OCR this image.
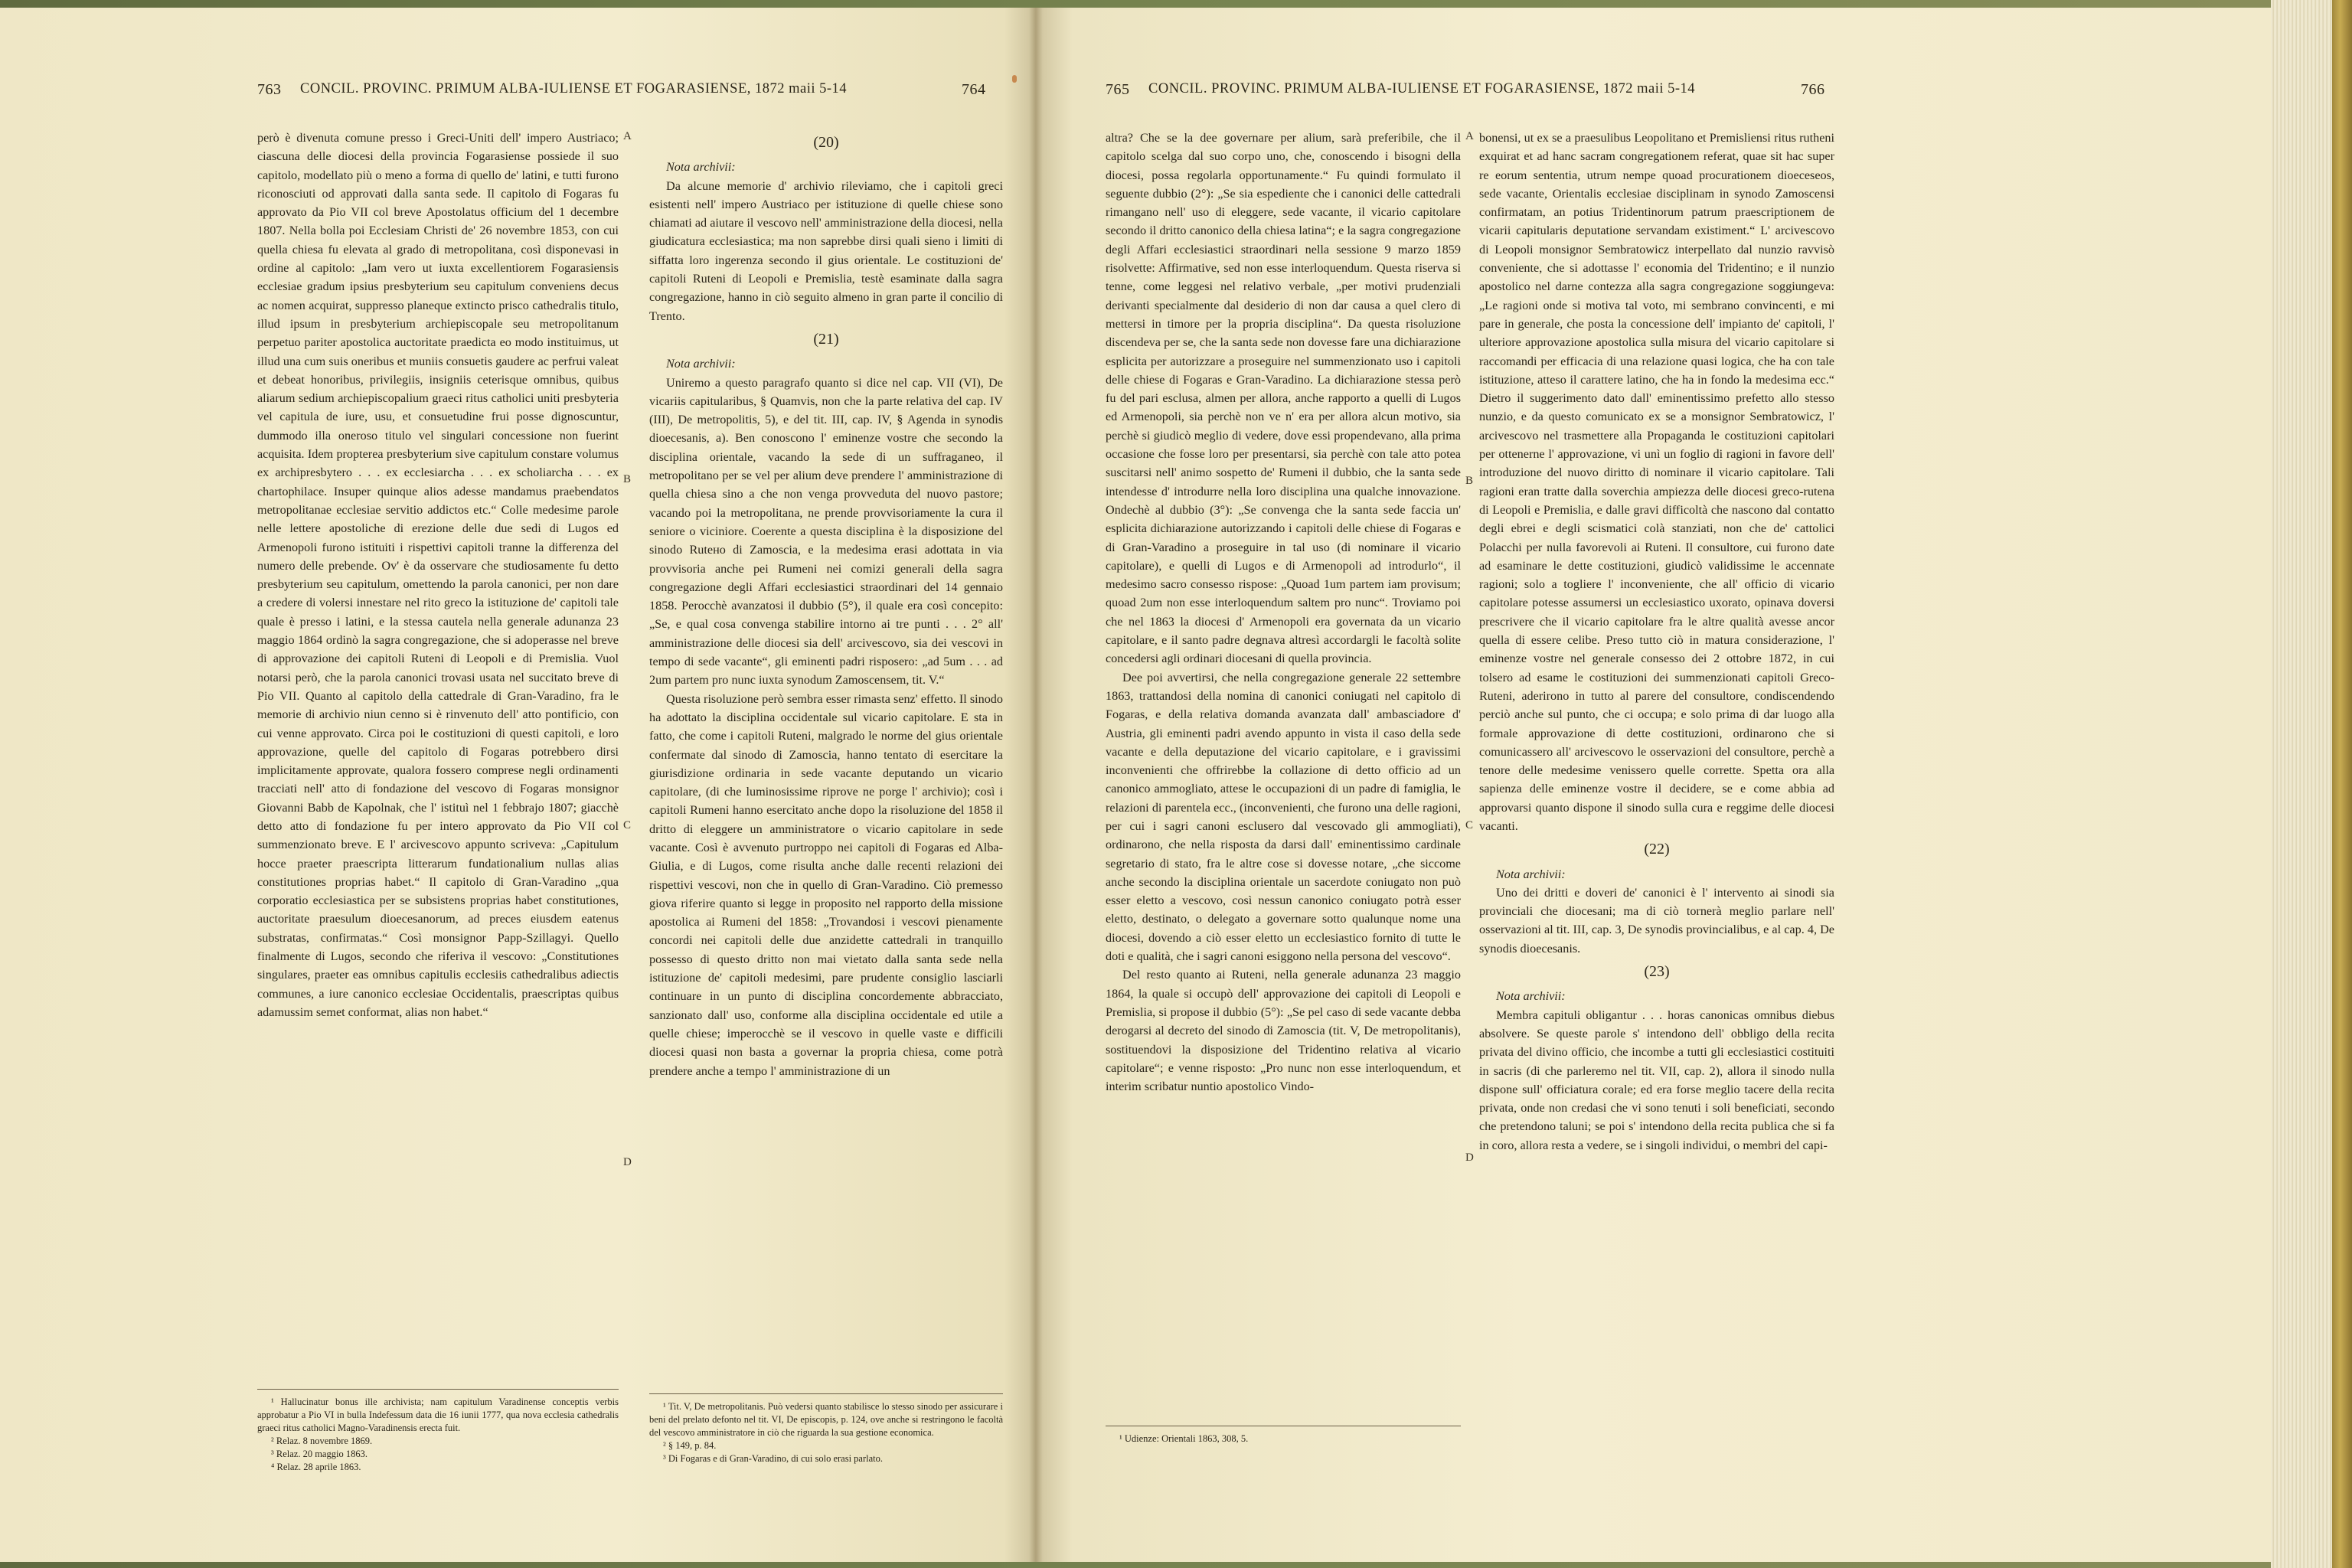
763 CONCIL. PROVINC. PRIMUM ALBA-IULIENSE ET FOGARASIENSE, 1872 maii 5-14	764

però è divenuta comune presso i Greci-Uniti dell' impero Austriaco; ciascuna delle diocesi della provincia Fogarasiense possiede il suo capitolo, modellato più o meno a forma di quello de' latini, e tutti furono riconosciuti od approvati dalla santa sede. Il capitolo di Fogaras fu approvato da Pio VII col breve Apostolatus officium del 1 decembre 1807. Nella bolla poi Ecclesiam Christi de' 26 novembre 1853, con cui quella chiesa fu elevata al grado di metropolitana, così disponevasi in ordine al capitolo: „Iam vero ut iuxta excellentiorem Fogarasiensis ecclesiae gradum ipsius presbyterium seu capitulum conveniens decus ac nomen acquirat, suppresso planeque extincto prisco cathedralis titulo, illud ipsum in presbyterium archiepiscopale seu metropolitanum perpetuo pariter apostolica auctoritate praedicta eo modo instituimus, ut illud una cum suis oneribus et muniis consuetis gaudere ac perfrui valeat et debeat honoribus, privilegiis, insigniis ceterisque omnibus, quibus aliarum sedium archiepiscopalium graeci ritus catholici uniti presbyteria vel capitula de iure, usu, et consuetudine frui posse dignoscuntur, dummodo illa oneroso titulo vel singulari concessione non fuerint acquisita. Idem propterea presbyterium sive capitulum constare volumus ex archipresbytero . . . ex ecclesiarcha . . . ex scholiarcha . . . ex chartophilace. Insuper quinque alios adesse mandamus praebendatos metropolitanae ecclesiae servitio addictos etc.“ Colle medesime parole nelle lettere apostoliche di erezione delle due sedi di Lugos ed Armenopoli furono istituiti i rispettivi capitoli tranne la differenza del numero delle prebende. Ov' è da osservare che studiosamente fu detto presbyterium seu capitulum, omettendo la parola canonici, per non dare a credere di volersi innestare nel rito greco la istituzione de' capitoli tale quale è presso i latini, e la stessa cautela nella generale adunanza 23 maggio 1864 ordinò la sagra congregazione, che si adoperasse nel breve di approvazione dei capitoli Ruteni di Leopoli e di Premislia. Vuol notarsi però, che la parola canonici trovasi usata nel succitato breve di Pio VII. Quanto al capitolo della cattedrale di Gran-Varadino, fra le memorie di archivio niun cenno si è rinvenuto dell' atto pontificio, con cui venne approvato. Circa poi le costituzioni di questi capitoli, e loro approvazione, quelle del capitolo di Fogaras potrebbero dirsi implicitamente approvate, qualora fossero comprese negli ordinamenti tracciati nell' atto di fondazione del vescovo di Fogaras monsignor Giovanni Babb de Kapolnak, che l' istituì nel 1 febbrajo 1807; giacchè detto atto di fondazione fu per intero approvato da Pio VII col summenzionato breve. E l' arcivescovo appunto scriveva: „Capitulum hocce praeter praescripta litterarum fundationalium nullas alias constitutiones proprias habet.“ Il capitolo di Gran-Varadino „qua corporatio ecclesiastica per se subsistens proprias habet constitutiones, auctoritate praesulum dioecesanorum, ad preces eiusdem eatenus substratas, confirmatas.“ Così monsignor Papp-Szillagyi. Quello finalmente di Lugos, secondo che riferiva il vescovo: „Constitutiones singulares, praeter eas omnibus capitulis ecclesiis cathedralibus adiectis communes, a iure canonico ecclesiae Occidentalis, praescriptas quibus adamussim semet conformat, alias non habet.“

¹ Hallucinatur bonus ille archivista; nam capitulum Varadinense conceptis verbis approbatur a Pio VI in bulla Indefessum data die 16 iunii 1777, qua nova ecclesia cathedralis graeci ritus catholici Magno-Varadinensis erecta fuit.

² Relaz. 8 novembre 1869.

³ Relaz. 20 maggio 1863.

⁴ Relaz. 28 aprile 1863.

(20)

Nota archivii:

Da alcune memorie d' archivio rileviamo, che i capitoli greci esistenti nell' impero Austriaco per istituzione di quelle chiese sono chiamati ad aiutare il vescovo nell' amministrazione della diocesi, nella giudicatura ecclesiastica; ma non saprebbe dirsi quali sieno i limiti di siffatta loro ingerenza secondo il gius orientale. Le costituzioni de' capitoli Ruteni di Leopoli e Premislia, testè esaminate dalla sagra congregazione, hanno in ciò seguito almeno in gran parte il concilio di Trento.

(21)

Nota archivii:

Uniremo a questo paragrafo quanto si dice nel cap. VII (VI), De vicariis capitularibus, § Quamvis, non che la parte relativa del cap. IV (III), De metropolitis, 5), e del tit. III, cap. IV, § Agenda in synodis dioecesanis, a). Ben conoscono l' eminenze vostre che secondo la disciplina orientale, vacando la sede di un suffraganeo, il metropolitano per se vel per alium deve prendere l' amministrazione di quella chiesa sino a che non venga provveduta del nuovo pastore; vacando poi la metropolitana, ne prende provvisoriamente la cura il seniore o viciniore. Coerente a questa disciplina è la disposizione del sinodo Rutено di Zamoscia, e la medesima erasi adottata in via provvisoria anche pei Rumeni nei comizi generali della sagra congregazione degli Affari ecclesiastici straordinari del 14 gennaio 1858. Perocchè avanzatosi il dubbio (5°), il quale era così concepito: „Se, e qual cosa convenga stabilire intorno ai tre punti . . . 2° all' amministrazione delle diocesi sia dell' arcivescovo, sia dei vescovi in tempo di sede vacante“, gli eminenti padri risposero: „ad 5um . . . ad 2um partem pro nunc iuxta synodum Zamoscensem, tit. V.“

Questa risoluzione però sembra esser rimasta senz' effetto. Il sinodo ha adottato la disciplina occidentale sul vicario capitolare. E sta in fatto, che come i capitoli Ruteni, malgrado le norme del gius orientale confermate dal sinodo di Zamoscia, hanno tentato di esercitare la giurisdizione ordinaria in sede vacante deputando un vicario capitolare, (di che luminosissime riprove ne porge l' archivio); così i capitoli Rumeni hanno esercitato anche dopo la risoluzione del 1858 il dritto di eleggere un amministratore o vicario capitolare in sede vacante. Così è avvenuto purtroppo nei capitoli di Fogaras ed Alba-Giulia, e di Lugos, come risulta anche dalle recenti relazioni dei rispettivi vescovi, non che in quello di Gran-Varadino. Ciò premesso giova riferire quanto si legge in proposito nel rapporto della missione apostolica ai Rumeni del 1858: „Trovandosi i vescovi pienamente concordi nei capitoli delle due anzidette cattedrali in tranquillo possesso di questo dritto non mai vietato dalla santa sede nella istituzione de' capitoli medesimi, pare prudente consiglio lasciarli continuare in un punto di disciplina concordemente abbracciato, sanzionato dall' uso, conforme alla disciplina occidentale ed utile a quelle chiese; imperocchè se il vescovo in quelle vaste e difficili diocesi quasi non basta a governar la propria chiesa, come potrà prendere anche a tempo l' amministrazione di un

¹ Tit. V, De metropolitanis. Può vedersi quanto stabilisce lo stesso sinodo per assicurare i beni del prelato defonto nel tit. VI, De episcopis, p. 124, ove anche si restringono le facoltà del vescovo amministratore in ciò che riguarda la sua gestione economica.

² § 149, p. 84.

³ Di Fogaras e di Gran-Varadino, di cui solo erasi parlato.

A
B
C
D
765 CONCIL. PROVINC. PRIMUM ALBA-IULIENSE ET FOGARASIENSE, 1872 maii 5-14	766

altra? Che se la dee governare per alium, sarà preferibile, che il capitolo scelga dal suo corpo uno, che, conoscendo i bisogni della diocesi, possa regolarla opportunamente.“ Fu quindi formulato il seguente dubbio (2°): „Se sia espediente che i canonici delle cattedrali rimangano nell' uso di eleggere, sede vacante, il vicario capitolare secondo il dritto canonico della chiesa latina“; e la sagra congregazione degli Affari ecclesiastici straordinari nella sessione 9 marzo 1859 risolvette: Affirmative, sed non esse interloquendum. Questa riserva si tenne, come leggesi nel relativo verbale, „per motivi prudenziali derivanti specialmente dal desiderio di non dar causa a quel clero di mettersi in timore per la propria disciplina“. Da questa risoluzione discendeva per se, che la santa sede non dovesse fare una dichiarazione esplicita per autorizzare a proseguire nel summenzionato uso i capitoli delle chiese di Fogaras e Gran-Varadino. La dichiarazione stessa però fu del pari esclusa, almen per allora, anche rapporto a quelli di Lugos ed Armenopoli, sia perchè non ve n' era per allora alcun motivo, sia perchè si giudicò meglio di vedere, dove essi propendevano, alla prima occasione che fosse loro per presentarsi, sia perchè con tale atto potea suscitarsi nell' animo sospetto de' Rumeni il dubbio, che la santa sede intendesse d' introdurre nella loro disciplina una qualche innovazione. Ondechè al dubbio (3°): „Se convenga che la santa sede faccia un' esplicita dichiarazione autorizzando i capitoli delle chiese di Fogaras e di Gran-Varadino a proseguire in tal uso (di nominare il vicario capitolare), e quelli di Lugos e di Armenopoli ad introdurlo“, il medesimo sacro consesso rispose: „Quoad 1um partem iam provisum; quoad 2um non esse interloquendum saltem pro nunc“. Troviamo poi che nel 1863 la diocesi d' Armenopoli era governata da un vicario capitolare, e il santo padre degnava altresì accordargli le facoltà solite concedersi agli ordinari diocesani di quella provincia.

Dee poi avvertirsi, che nella congregazione generale 22 settembre 1863, trattandosi della nomina di canonici coniugati nel capitolo di Fogaras, e della relativa domanda avanzata dall' ambasciadore d' Austria, gli eminenti padri avendo appunto in vista il caso della sede vacante e della deputazione del vicario capitolare, e i gravissimi inconvenienti che offrirebbe la collazione di detto officio ad un canonico ammogliato, attese le occupazioni di un padre di famiglia, le relazioni di parentela ecc., (inconvenienti, che furono una delle ragioni, per cui i sagri canoni escluserо dal vescovado gli ammogliati), ordinarono, che nella risposta da darsi dall' eminentissimo cardinale segretario di stato, fra le altre cose si dovesse notare, „che siccome anche secondo la disciplina orientale un sacerdote coniugato non può esser eletto a vescovo, così nessun canonico coniugato potrà esser eletto, destinato, o delegato a governare sotto qualunque nome una diocesi, dovendo a ciò esser eletto un ecclesiastico fornito di tutte le doti e qualità, che i sagri canoni esiggono nella persona del vescovo“.

Del resto quanto ai Ruteni, nella generale adunanza 23 maggio 1864, la quale si occupò dell' approvazione dei capitoli di Leopoli e Premislia, si propose il dubbio (5°): „Se pel caso di sede vacante debba derogarsi al decreto del sinodo di Zamoscia (tit. V, De metropolitanis), sostituendovi la disposizione del Tridentino relativa al vicario capitolare“; e venne risposto: „Pro nunc non esse interloquendum, et interim scribatur nuntio apostolico Vindo-

¹ Udienze: Orientali 1863, 308, 5.

bonensi, ut ex se a praesulibus Leopolitano et Premisliensi ritus rutheni exquirat et ad hanc sacram congregationem referat, quae sit hac super re eorum sententia, utrum nempe quoad procurationem dioeceseos, sede vacante, Orientalis ecclesiae disciplinam in synodo Zamoscensi confirmatam, an potius Tridentinorum patrum praescriptionem de vicarii capitularis deputatione servandam existiment.“ L' arcivescovo di Leopoli monsignor Sembratowicz interpellato dal nunzio ravvisò conveniente, che si adottasse l' economia del Tridentino; e il nunzio apostolico nel darne contezza alla sagra congregazione soggiungeva: „Le ragioni onde si motiva tal voto, mi sembrano convincenti, e mi pare in generale, che posta la concessione dell' impianto de' capitoli, l' ulteriore approvazione apostolica sulla misura del vicario capitolare si raccomandi per efficacia di una relazione quasi logica, che ha con tale istituzione, atteso il carattere latino, che ha in fondo la medesima ecc.“ Dietro il suggerimento dato dall' eminentissimo prefetto allo stesso nunzio, e da questo comunicato ex se a monsignor Sembratowicz, l' arcivescovo nel trasmettere alla Propaganda le costituzioni capitolari per ottenerne l' approvazione, vi unì un foglio di ragioni in favore dell' introduzione del nuovo diritto di nominare il vicario capitolare. Tali ragioni eran tratte dalla soverchia ampiezza delle diocesi greco-rutena di Leopoli e Premislia, e dalle gravi difficoltà che nascono dal contatto degli ebrei e degli scismatici colà stanziati, non che de' cattolici Polacchi per nulla favorevoli ai Ruteni. Il consultore, cui furono date ad esaminare le dette costituzioni, giudicò validissime le accennate ragioni; solo a togliere l' inconveniente, che all' officio di vicario capitolare potesse assumersi un ecclesiastico uxorato, opinava doversi prescrivere che il vicario capitolare fra le altre qualità avesse ancor quella di essere celibe. Preso tutto ciò in matura considerazione, l' eminenze vostre nel generale consesso dei 2 ottobre 1872, in cui tolsero ad esame le costituzioni dei summenzionati capitoli Greco-Ruteni, aderirono in tutto al parere del consultore, condiscendendo perciò anche sul punto, che ci occupa; e solo prima di dar luogo alla formale approvazione di dette costituzioni, ordinarono che si comunicassero all' arcivescovo le osservazioni del consultore, perchè a tenore delle medesime venissero quelle corrette. Spetta ora alla sapienza delle eminenze vostre il decidere, se e come abbia ad approvarsi quanto dispone il sinodo sulla cura e reggime delle diocesi vacanti.

(22)

Nota archivii:

Uno dei dritti e doveri de' canonici è l' intervento ai sinodi sia provinciali che diocesani; ma di ciò tornerà meglio parlare nell' osservazioni al tit. III, cap. 3, De synodis provincialibus, e al cap. 4, De synodis dioecesanis.

(23)

Nota archivii:

Membra capituli obligantur . . . horas canonicas omnibus diebus absolvere. Se queste parole s' intendono dell' obbligo della recita privata del divino officio, che incombe a tutti gli ecclesiastici costituiti in sacris (di che parleremo nel tit. VII, cap. 2), allora il sinodo nulla dispone sull' officiatura corale; ed era forse meglio tacere della recita privata, onde non credasi che vi sono tenuti i soli beneficiati, secondo che pretendono taluni; se poi s' intendono della recita publica che si fa in coro, allora resta a vedere, se i singoli individui, o membri del capi-

A
B
C
D
